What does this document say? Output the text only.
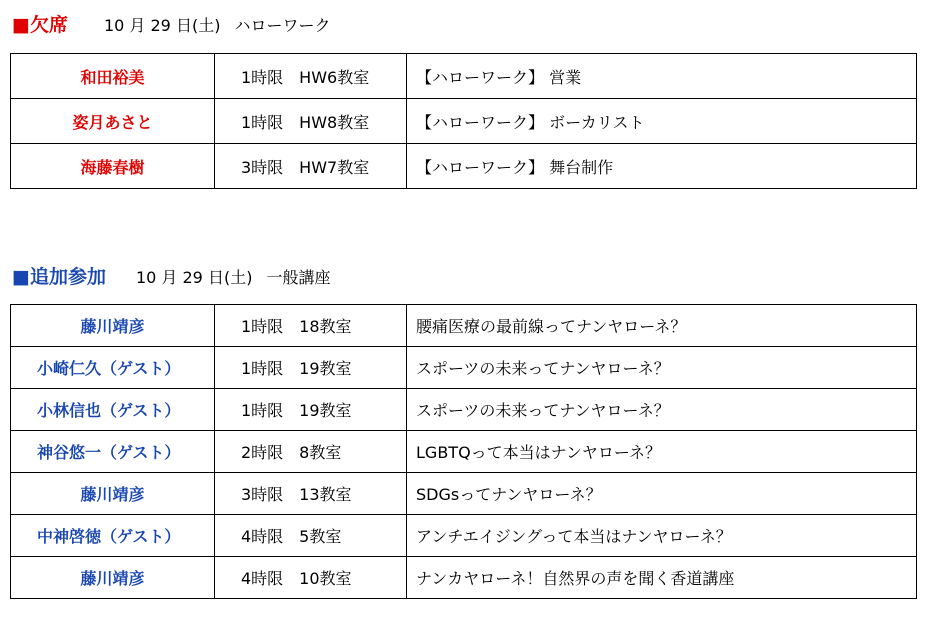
■ 欠席 10 月 29 日(土) ハローワーク
和田裕美	1時限　HW6教室	【ハローワーク】 営業
姿月あさと	1時限　HW8教室	【ハローワーク】 ボーカリスト
海藤春樹	3時限　HW7教室	【ハローワーク】 舞台制作
■ 追加参加 10 月 29 日(土) 一般講座
藤川靖彦	1時限　18教室	腰痛医療の最前線ってナンヤローネ？
小崎仁久（ゲスト）	1時限　19教室	スポーツの未来ってナンヤローネ？
小林信也（ゲスト）	1時限　19教室	スポーツの未来ってナンヤローネ？
神谷悠一（ゲスト）	2時限　8教室	LGBTQって本当はナンヤローネ？
藤川靖彦	3時限　13教室	SDGsってナンヤローネ？
中神啓徳（ゲスト）	4時限　5教室	アンチエイジングって本当はナンヤローネ？
藤川靖彦	4時限　10教室	ナンカヤローネ！自然界の声を聞く香道講座
